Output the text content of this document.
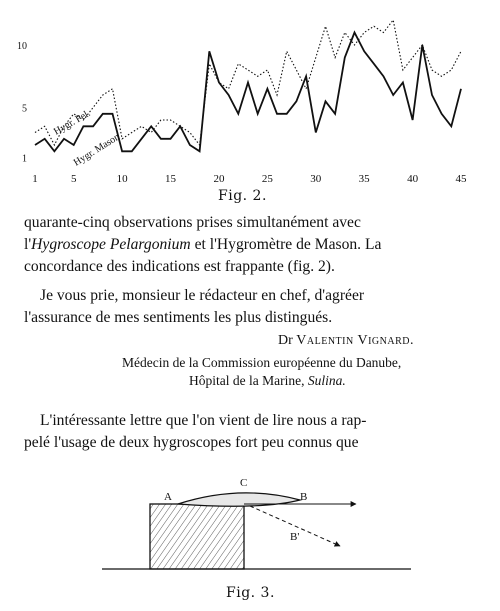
1	5	10	15	20	25	30	35	40	45
1
5
10
Hygr. Pel.
Hygr. Mason
Fig. 2.
quarante-cinq observations prises simultanément avec
l'Hygroscope Pelargonium et l'Hygromètre de Mason. La
concordance des indications est frappante (fig. 2).
Je vous prie, monsieur le rédacteur en chef, d'agréer
l'assurance de mes sentiments les plus distingués.
Dr Valentin Vignard.
Médecin de la Commission européenne du Danube,
Hôpital de la Marine, Sulina.
L'intéressante lettre que l'on vient de lire nous a rap-
pelé l'usage de deux hygroscopes fort peu connus que
A
C
B
B'
Fig. 3.
